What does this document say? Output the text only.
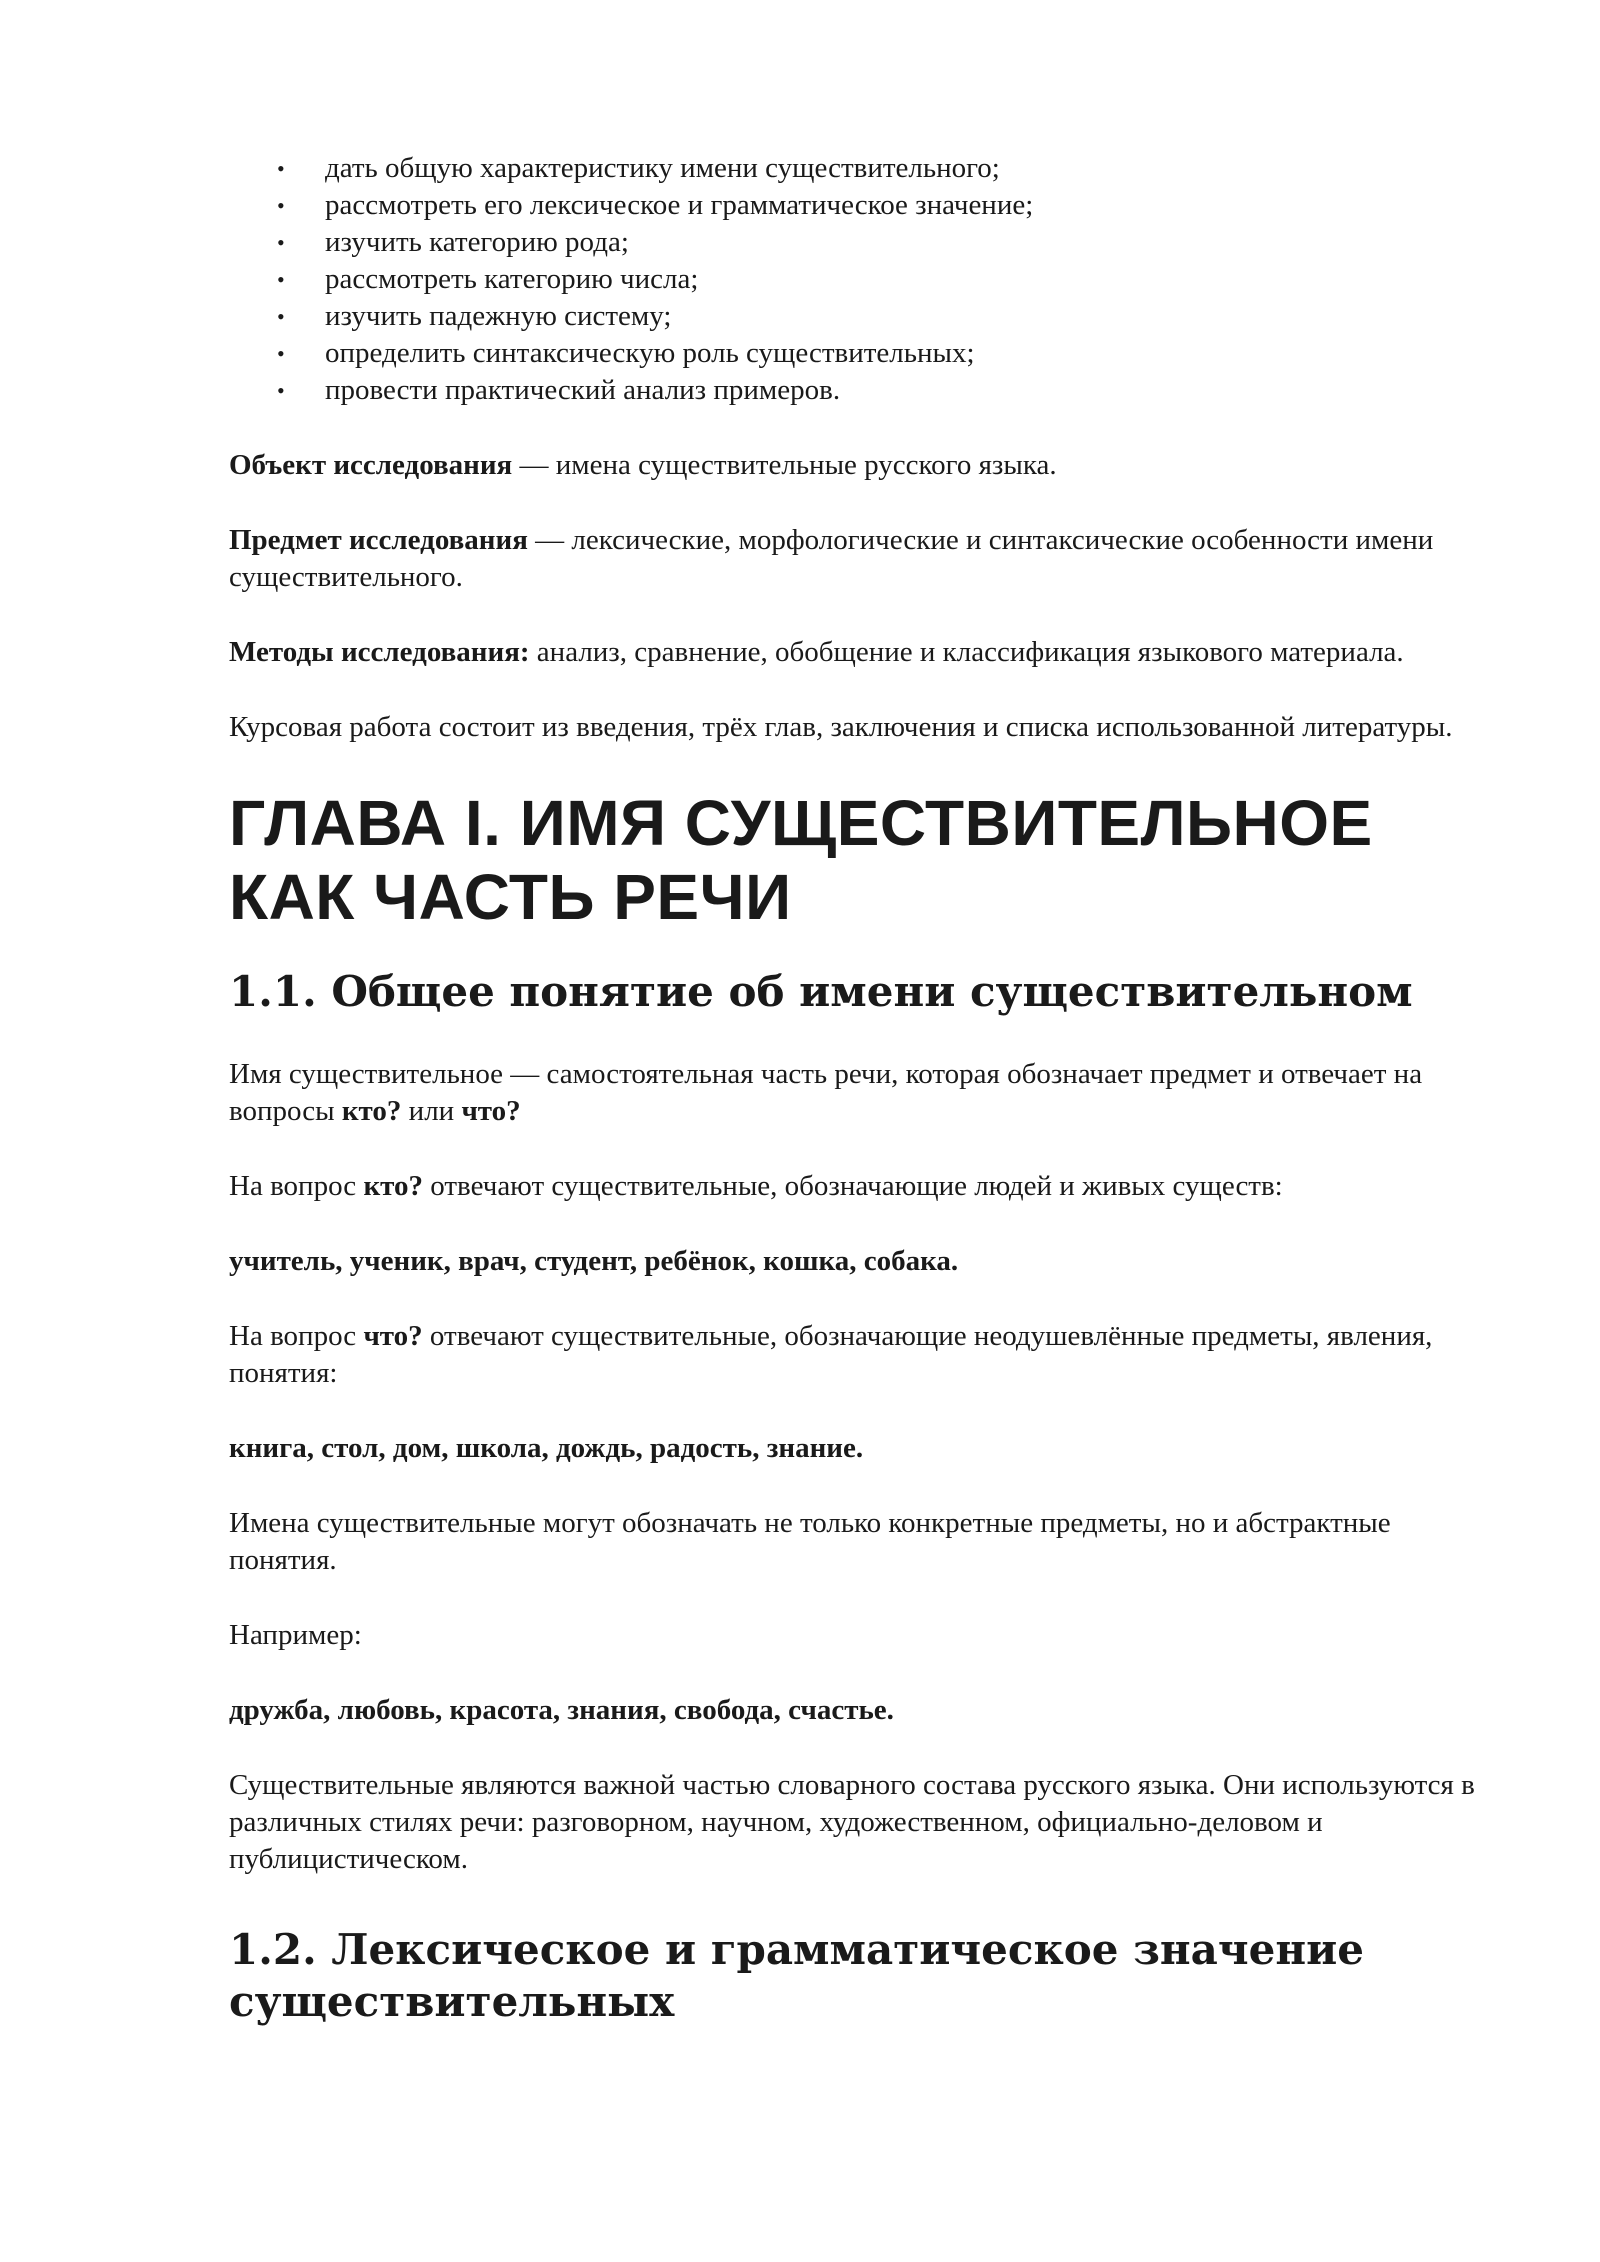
• дать общую характеристику имени существительного;
• рассмотреть его лексическое и грамматическое значение;
• изучить категорию рода;
• рассмотреть категорию числа;
• изучить падежную систему;
• определить синтаксическую роль существительных;
• провести практический анализ примеров.

Объект исследования — имена существительные русского языка.

Предмет исследования — лексические, морфологические и синтаксические особенности имени существительного.

Методы исследования: анализ, сравнение, обобщение и классификация языкового материала.

Курсовая работа состоит из введения, трёх глав, заключения и списка использованной литературы.

ГЛАВА I. ИМЯ СУЩЕСТВИТЕЛЬНОЕ КАК ЧАСТЬ РЕЧИ
1.1. Общее понятие об имени существительном

Имя существительное — самостоятельная часть речи, которая обозначает предмет и отвечает на вопросы кто? или что?

На вопрос кто? отвечают существительные, обозначающие людей и живых существ:

учитель, ученик, врач, студент, ребёнок, кошка, собака.

На вопрос что? отвечают существительные, обозначающие неодушевлённые предметы, явления, понятия:

книга, стол, дом, школа, дождь, радость, знание.

Имена существительные могут обозначать не только конкретные предметы, но и абстрактные понятия.

Например:

дружба, любовь, красота, знания, свобода, счастье.

Существительные являются важной частью словарного состава русского языка. Они используются в различных стилях речи: разговорном, научном, художественном, официально-деловом и публицистическом.

1.2. Лексическое и грамматическое значение существительных
